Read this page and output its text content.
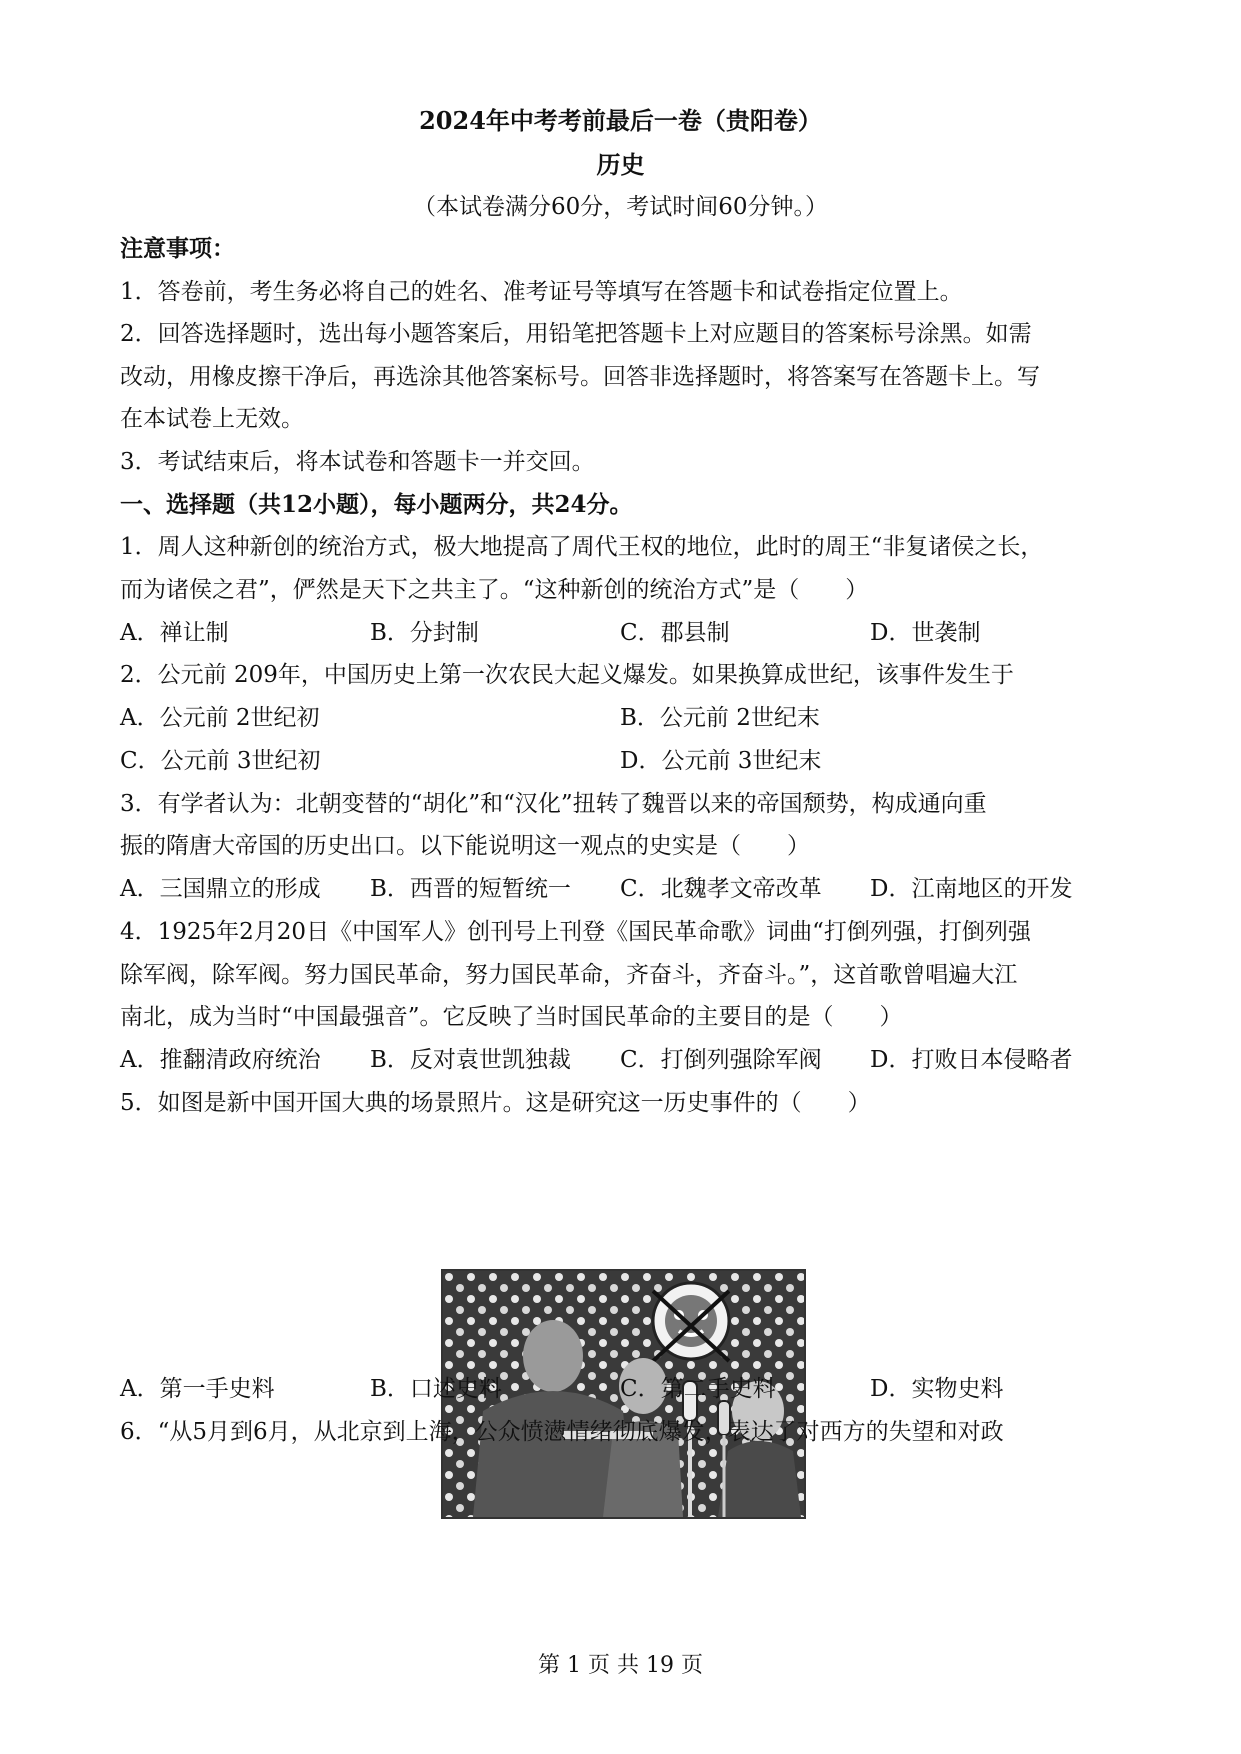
2024年中考考前最后一卷（贵阳卷）
历史
（本试卷满分60分，考试时间60分钟。）
注意事项：
1．答卷前，考生务必将自己的姓名、准考证号等填写在答题卡和试卷指定位置上。
2．回答选择题时，选出每小题答案后，用铅笔把答题卡上对应题目的答案标号涂黑。如需
改动，用橡皮擦干净后，再选涂其他答案标号。回答非选择题时，将答案写在答题卡上。写
在本试卷上无效。
3．考试结束后，将本试卷和答题卡一并交回。
一、选择题（共12小题），每小题两分，共24分。
1．周人这种新创的统治方式，极大地提高了周代王权的地位，此时的周王“非复诸侯之长，
而为诸侯之君”，俨然是天下之共主了。“这种新创的统治方式”是（　　）
A．禅让制	B．分封制	C．郡县制	D．世袭制
2．公元前 209年，中国历史上第一次农民大起义爆发。如果换算成世纪，该事件发生于
A．公元前 2世纪初	B．公元前 2世纪末
C．公元前 3世纪初	D．公元前 3世纪末
3．有学者认为：北朝变替的“胡化”和“汉化”扭转了魏晋以来的帝国颓势，构成通向重
振的隋唐大帝国的历史出口。以下能说明这一观点的史实是（　　）
A．三国鼎立的形成 B．西晋的短暂统一 C．北魏孝文帝改革 D．江南地区的开发
4．1925年2月20日《中国军人》创刊号上刊登《国民革命歌》词曲“打倒列强，打倒列强
除军阀，除军阀。努力国民革命，努力国民革命，齐奋斗，齐奋斗。”，这首歌曾唱遍大江
南北，成为当时“中国最强音”。它反映了当时国民革命的主要目的是（　　）
A．推翻清政府统治 B．反对袁世凯独裁 C．打倒列强除军阀 D．打败日本侵略者
5．如图是新中国开国大典的场景照片。这是研究这一历史事件的（　　）
A．第一手史料	B．口述史料	C．第二手史料	D．实物史料
6．“从5月到6月，从北京到上海，公众愤懑情绪彻底爆发，表达了对西方的失望和对政
第 1 页 共 19 页
